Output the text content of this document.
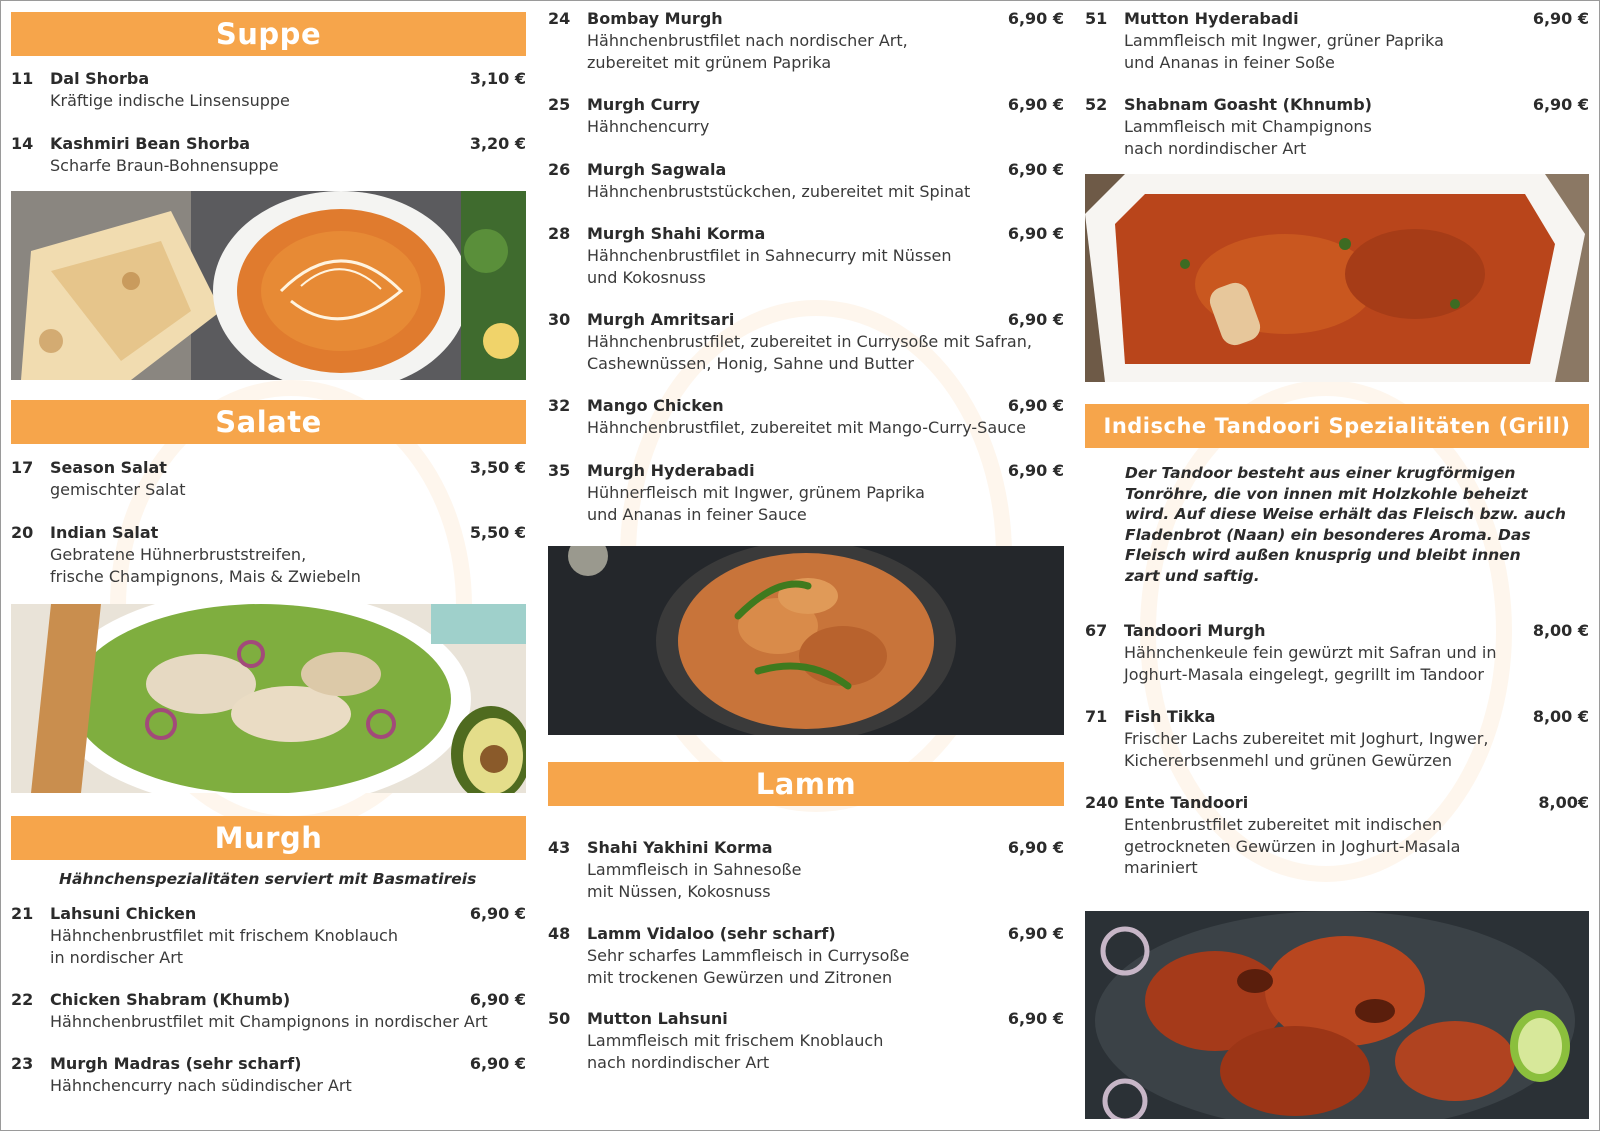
Suppe
11 Dal Shorba	3,10 €
Kräftige indische Linsensuppe
14 Kashmiri Bean Shorba	3,20 €
Scharfe Braun-Bohnensuppe
Salate
17 Season Salat	3,50 €
gemischter Salat
20 Indian Salat	5,50 €
Gebratene Hühnerbruststreifen,
frische Champignons, Mais & Zwiebeln
Murgh
Hähnchenspezialitäten serviert mit Basmatireis
21 Lahsuni Chicken	6,90 €
Hähnchenbrustfilet mit frischem Knoblauch
in nordischer Art
22 Chicken Shabram (Khumb)	6,90 €
Hähnchenbrustfilet mit Champignons in nordischer Art
23 Murgh Madras (sehr scharf)	6,90 €
Hähnchencurry nach südindischer Art
24 Bombay Murgh	6,90 €
Hähnchenbrustfilet nach nordischer Art,
zubereitet mit grünem Paprika
25 Murgh Curry	6,90 €
Hähnchencurry
26 Murgh Sagwala	6,90 €
Hähnchenbruststückchen, zubereitet mit Spinat
28 Murgh Shahi Korma	6,90 €
Hähnchenbrustfilet in Sahnecurry mit Nüssen
und Kokosnuss
30 Murgh Amritsari	6,90 €
Hähnchenbrustfilet, zubereitet in Currysoße mit Safran,
Cashewnüssen, Honig, Sahne und Butter
32 Mango Chicken	6,90 €
Hähnchenbrustfilet, zubereitet mit Mango-Curry-Sauce
35 Murgh Hyderabadi	6,90 €
Hühnerfleisch mit Ingwer, grünem Paprika
und Ananas in feiner Sauce
Lamm
43 Shahi Yakhini Korma	6,90 €
Lammfleisch in Sahnesoße
mit Nüssen, Kokosnuss
48 Lamm Vidaloo (sehr scharf)	6,90 €
Sehr scharfes Lammfleisch in Currysoße
mit trockenen Gewürzen und Zitronen
50 Mutton Lahsuni	6,90 €
Lammfleisch mit frischem Knoblauch
nach nordindischer Art
51 Mutton Hyderabadi	6,90 €
Lammfleisch mit Ingwer, grüner Paprika
und Ananas in feiner Soße
52 Shabnam Goasht (Khnumb)	6,90 €
Lammfleisch mit Champignons
nach nordindischer Art
Indische Tandoori Spezialitäten (Grill)
Der Tandoor besteht aus einer krugförmigen
Tonröhre, die von innen mit Holzkohle beheizt
wird. Auf diese Weise erhält das Fleisch bzw. auch
Fladenbrot (Naan) ein besonderes Aroma. Das
Fleisch wird außen knusprig und bleibt innen
zart und saftig.
67 Tandoori Murgh	8,00 €
Hähnchenkeule fein gewürzt mit Safran und in
Joghurt-Masala eingelegt, gegrillt im Tandoor
71 Fish Tikka	8,00 €
Frischer Lachs zubereitet mit Joghurt, Ingwer,
Kichererbsenmehl und grünen Gewürzen
240 Ente Tandoori	8,00€
Entenbrustfilet zubereitet mit indischen
getrockneten Gewürzen in Joghurt-Masala
mariniert
